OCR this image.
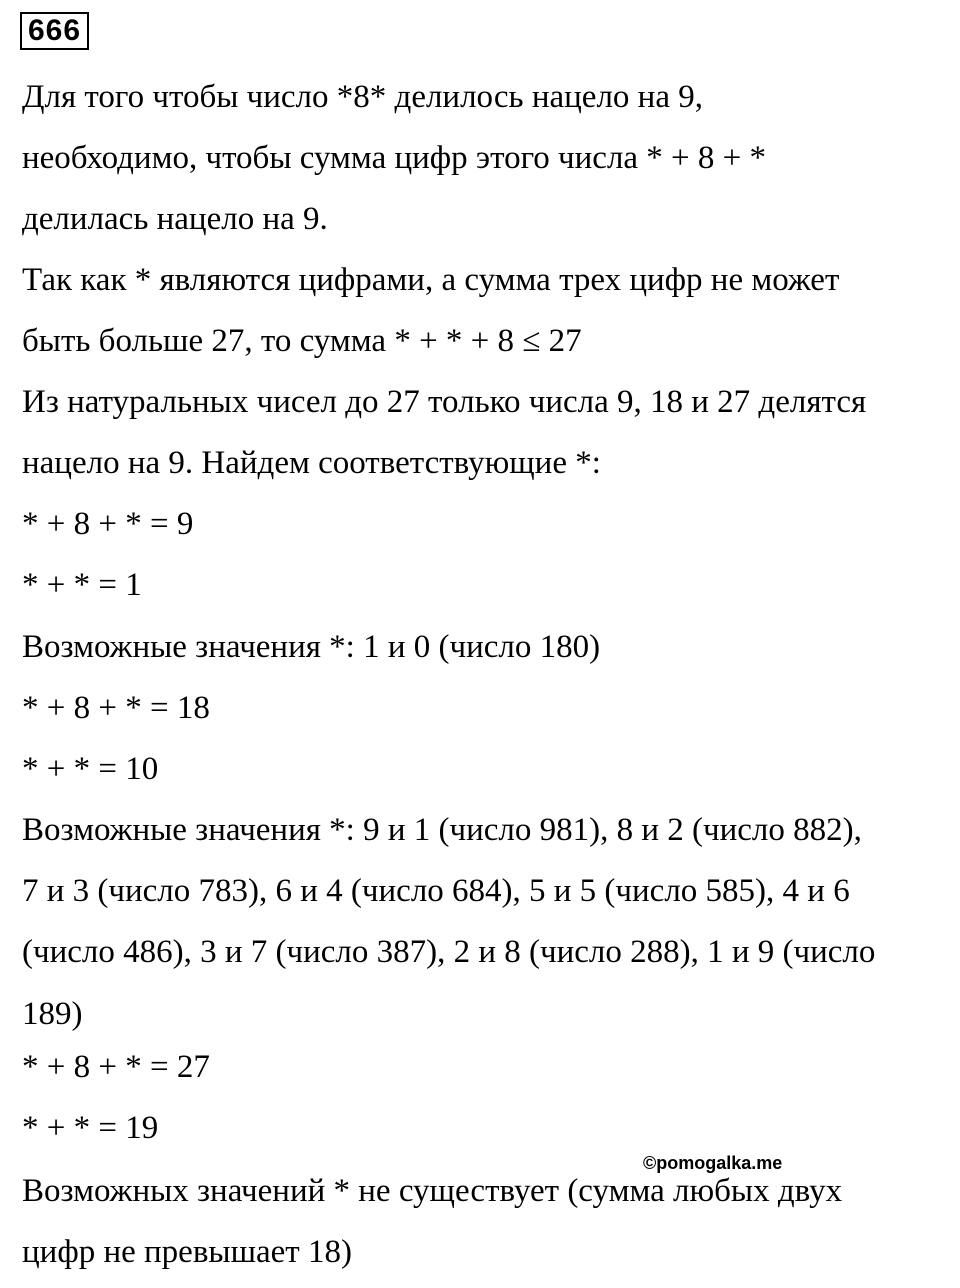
666
Для того чтобы число *8* делилось нацело на 9,
необходимо, чтобы сумма цифр этого числа * + 8 + *
делилась нацело на 9.
Так как * являются цифрами, а сумма трех цифр не может
быть больше 27, то сумма * + * + 8 ≤ 27
Из натуральных чисел до 27 только числа 9, 18 и 27 делятся
нацело на 9. Найдем соответствующие *:
* + 8 + * = 9
* + * = 1
Возможные значения *: 1 и 0 (число 180)
* + 8 + * = 18
* + * = 10
Возможные значения *: 9 и 1 (число 981), 8 и 2 (число 882),
7 и 3 (число 783), 6 и 4 (число 684), 5 и 5 (число 585), 4 и 6
(число 486), 3 и 7 (число 387), 2 и 8 (число 288), 1 и 9 (число
189)
* + 8 + * = 27
* + * = 19
Возможных значений * не существует (сумма любых двух
цифр не превышает 18)
©pomogalka.me
